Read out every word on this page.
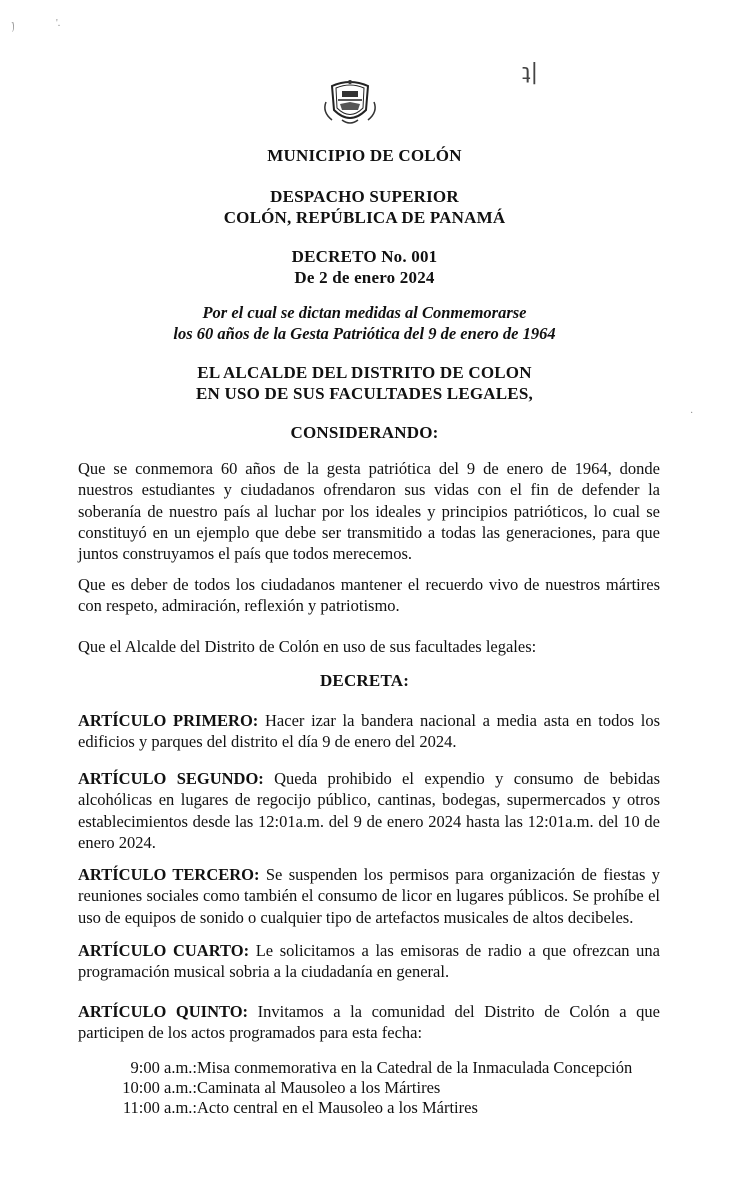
ﾉ	'.
ʇ|
·
MUNICIPIO DE COLÓN
DESPACHO SUPERIOR
COLÓN, REPÚBLICA DE PANAMÁ
DECRETO No. 001
De 2 de enero 2024
Por el cual se dictan medidas al Conmemorarse
los 60 años de la Gesta Patriótica del 9 de enero de 1964
EL ALCALDE DEL DISTRITO DE COLON
EN USO DE SUS FACULTADES LEGALES,
CONSIDERANDO:
Que se conmemora 60 años de la gesta patriótica del 9 de enero de 1964, donde nuestros estudiantes y ciudadanos ofrendaron sus vidas con el fin de defender la soberanía de nuestro país al luchar por los ideales y principios patrióticos, lo cual se constituyó en un ejemplo que debe ser transmitido a todas las generaciones, para que juntos construyamos el país que todos merecemos.
Que es deber de todos los ciudadanos mantener el recuerdo vivo de nuestros mártires con respeto, admiración, reflexión y patriotismo.
Que el Alcalde del Distrito de Colón en uso de sus facultades legales:
DECRETA:
ARTÍCULO PRIMERO: Hacer izar la bandera nacional a media asta en todos los edificios y parques del distrito el día 9 de enero del 2024.
ARTÍCULO SEGUNDO: Queda prohibido el expendio y consumo de bebidas alcohólicas en lugares de regocijo público, cantinas, bodegas, supermercados y otros establecimientos desde las 12:01a.m. del 9 de enero 2024 hasta las 12:01a.m. del 10 de enero 2024.
ARTÍCULO TERCERO: Se suspenden los permisos para organización de fiestas y reuniones sociales como también el consumo de licor en lugares públicos. Se prohíbe el uso de equipos de sonido o cualquier tipo de artefactos musicales de altos decibeles.
ARTÍCULO CUARTO: Le solicitamos a las emisoras de radio a que ofrezcan una programación musical sobria a la ciudadanía en general.
ARTÍCULO QUINTO: Invitamos a la comunidad del Distrito de Colón a que participen de los actos programados para esta fecha:
9:00 a.m.: Misa conmemorativa en la Catedral de la Inmaculada Concepción
10:00 a.m.: Caminata al Mausoleo a los Mártires
11:00 a.m.: Acto central en el Mausoleo a los Mártires
